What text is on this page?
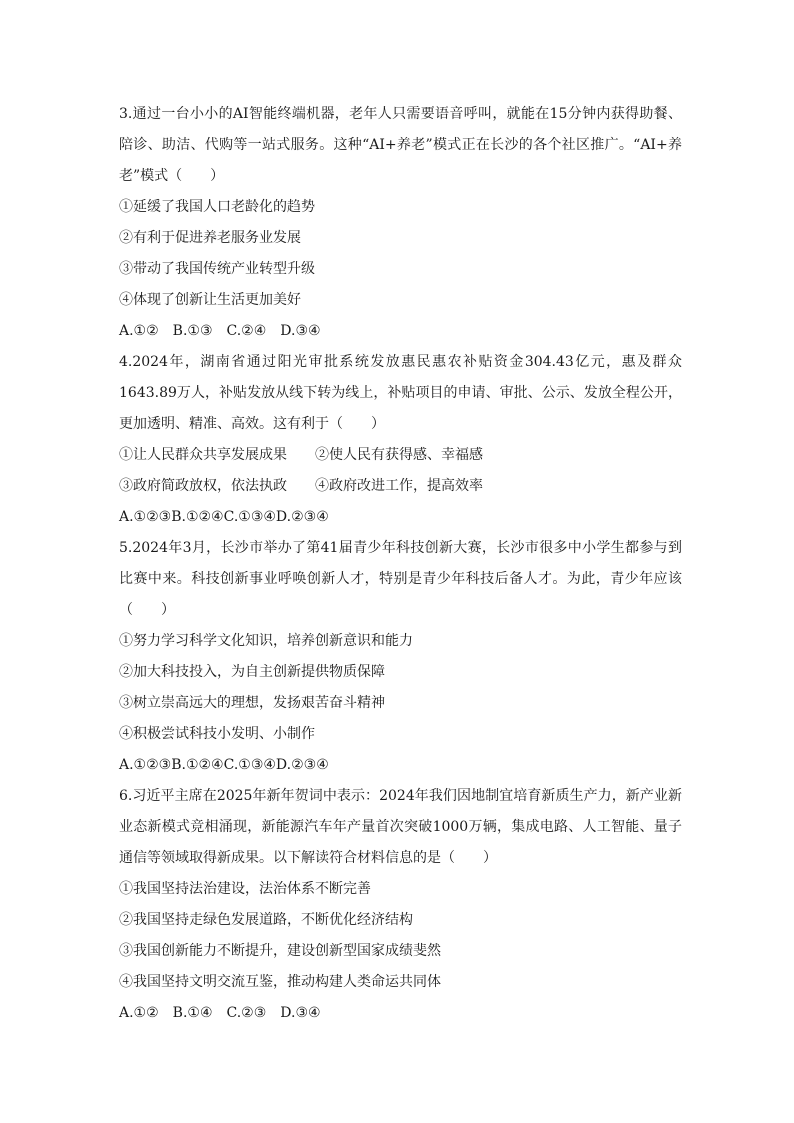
3.通过一台小小的AI智能终端机器，老年人只需要语音呼叫，就能在15分钟内获得助餐、陪诊、助洁、代购等一站式服务。这种“AI+养老”模式正在长沙的各个社区推广。“AI+养老”模式（　　）

①延缓了我国人口老龄化的趋势

②有利于促进养老服务业发展

③带动了我国传统产业转型升级

④体现了创新让生活更加美好

A.①②　B.①③　C.②④　D.③④

4.2024年，湖南省通过阳光审批系统发放惠民惠农补贴资金304.43亿元，惠及群众1643.89万人，补贴发放从线下转为线上，补贴项目的申请、审批、公示、发放全程公开，更加透明、精准、高效。这有利于（　　）

①让人民群众共享发展成果　　②使人民有获得感、幸福感

③政府简政放权，依法执政　　④政府改进工作，提高效率

A.①②③B.①②④C.①③④D.②③④

5.2024年3月，长沙市举办了第41届青少年科技创新大赛，长沙市很多中小学生都参与到比赛中来。科技创新事业呼唤创新人才，特别是青少年科技后备人才。为此，青少年应该（　　）

①努力学习科学文化知识，培养创新意识和能力

②加大科技投入，为自主创新提供物质保障

③树立崇高远大的理想，发扬艰苦奋斗精神

④积极尝试科技小发明、小制作

A.①②③B.①②④C.①③④D.②③④

6.习近平主席在2025年新年贺词中表示：2024年我们因地制宜培育新质生产力，新产业新业态新模式竞相涌现，新能源汽车年产量首次突破1000万辆，集成电路、人工智能、量子通信等领域取得新成果。以下解读符合材料信息的是（　　）

①我国坚持法治建设，法治体系不断完善

②我国坚持走绿色发展道路，不断优化经济结构

③我国创新能力不断提升，建设创新型国家成绩斐然

④我国坚持文明交流互鉴，推动构建人类命运共同体

A.①②　B.①④　C.②③　D.③④
